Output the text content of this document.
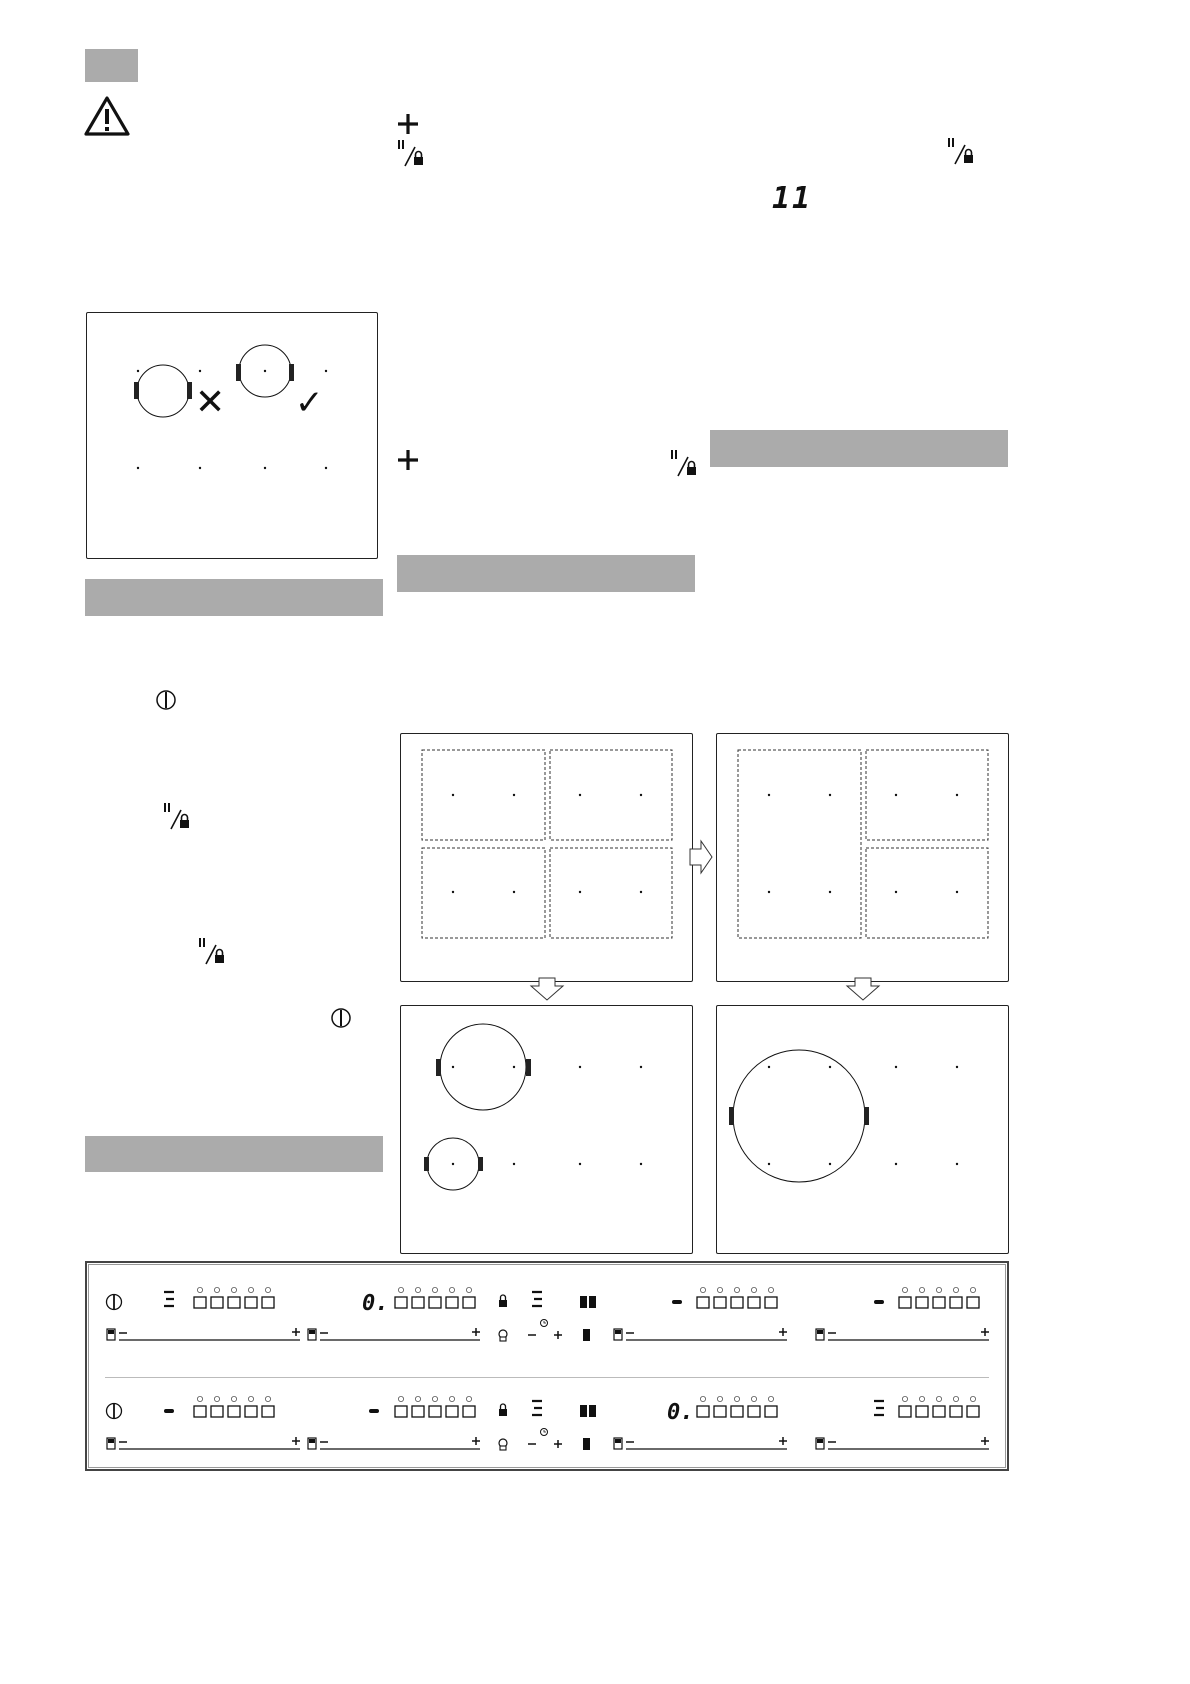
11
✕ ✓
0.
0.
